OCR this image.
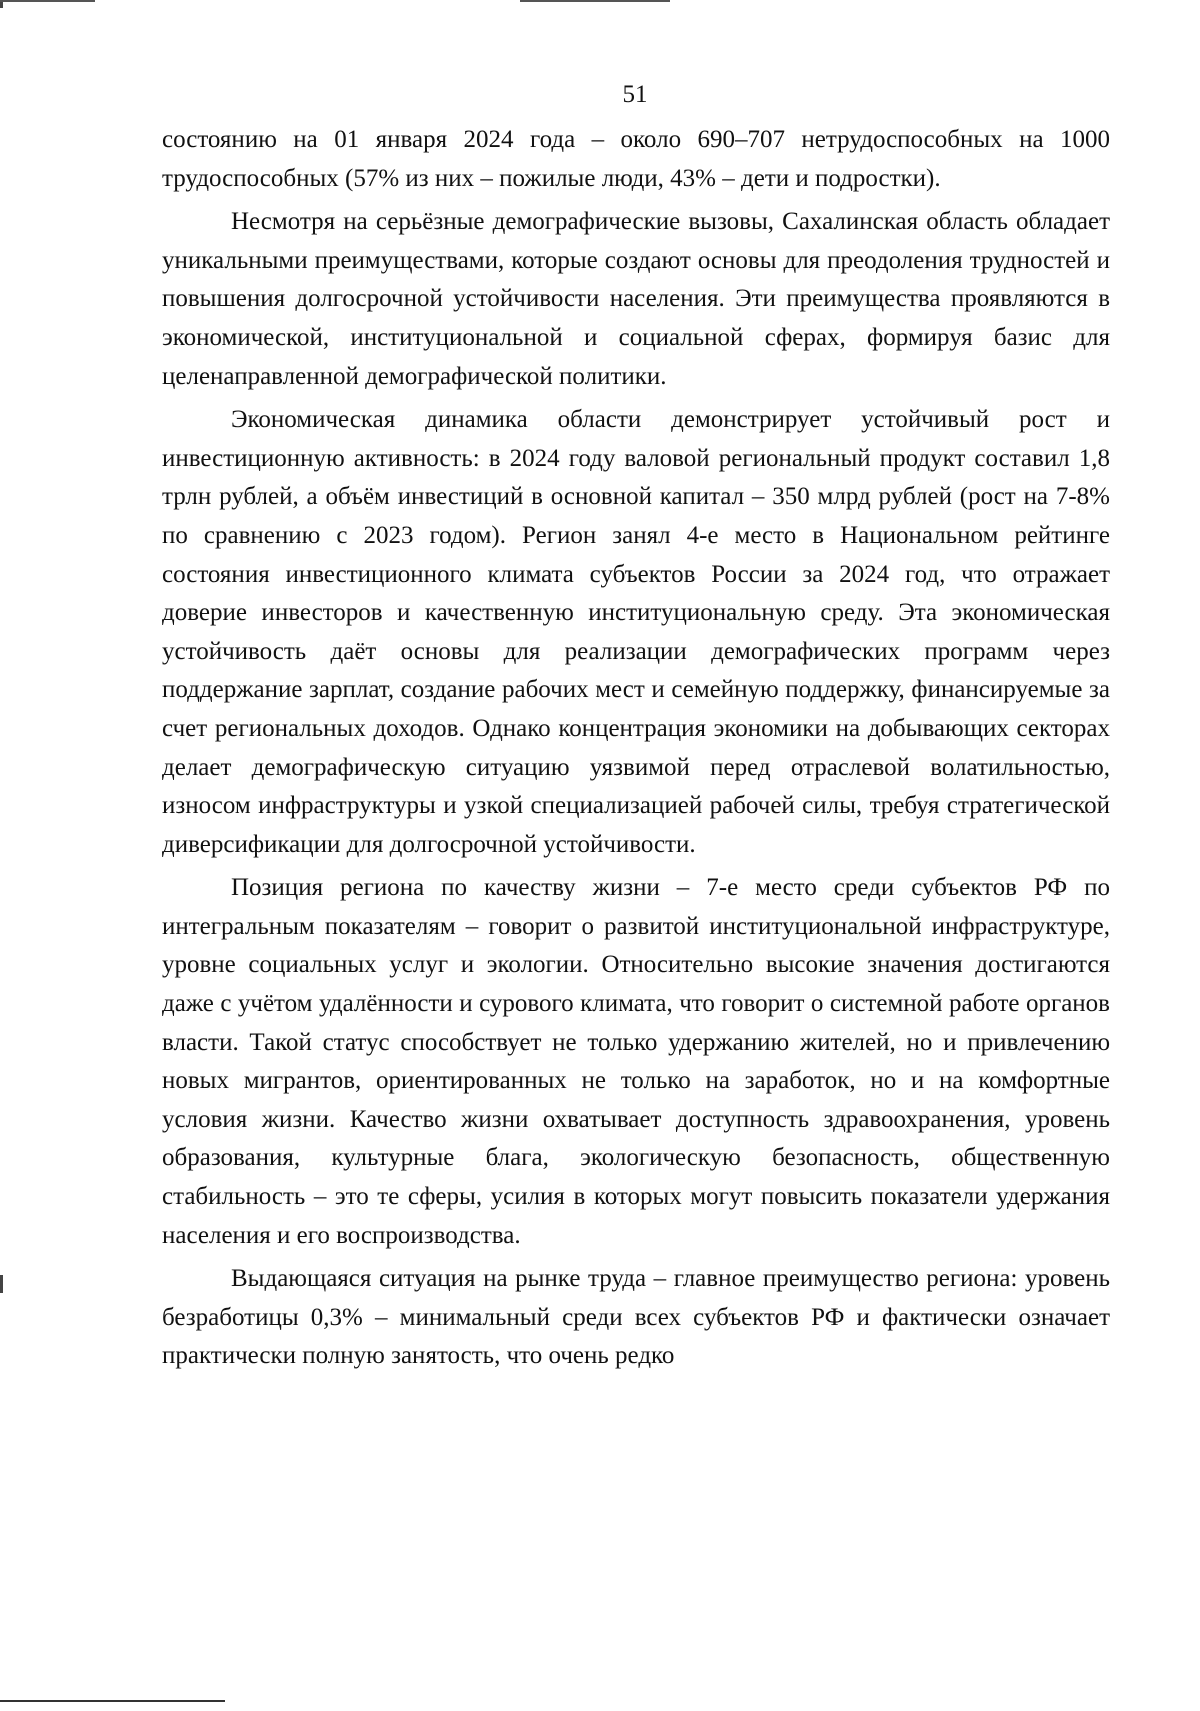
51

состоянию на 01 января 2024 года – около 690–707 нетрудоспособных на 1000 трудоспособных (57% из них – пожилые люди, 43% – дети и подростки).

Несмотря на серьёзные демографические вызовы, Сахалинская область обладает уникальными преимуществами, которые создают основы для преодоления трудностей и повышения долгосрочной устойчивости населения. Эти преимущества проявляются в экономической, институциональной и социальной сферах, формируя базис для целенаправленной демографической политики.

Экономическая динамика области демонстрирует устойчивый рост и инвестиционную активность: в 2024 году валовой региональный продукт составил 1,8 трлн рублей, а объём инвестиций в основной капитал – 350 млрд рублей (рост на 7-8% по сравнению с 2023 годом). Регион занял 4-е место в Национальном рейтинге состояния инвестиционного климата субъектов России за 2024 год, что отражает доверие инвесторов и качественную институциональную среду. Эта экономическая устойчивость даёт основы для реализации демографических программ через поддержание зарплат, создание рабочих мест и семейную поддержку, финансируемые за счет региональных доходов. Однако концентрация экономики на добывающих секторах делает демографическую ситуацию уязвимой перед отраслевой волатильностью, износом инфраструктуры и узкой специализацией рабочей силы, требуя стратегической диверсификации для долгосрочной устойчивости.

Позиция региона по качеству жизни – 7-е место среди субъектов РФ по интегральным показателям – говорит о развитой институциональной инфраструктуре, уровне социальных услуг и экологии. Относительно высокие значения достигаются даже с учётом удалённости и сурового климата, что говорит о системной работе органов власти. Такой статус способствует не только удержанию жителей, но и привлечению новых мигрантов, ориентированных не только на заработок, но и на комфортные условия жизни. Качество жизни охватывает доступность здравоохранения, уровень образования, культурные блага, экологическую безопасность, общественную стабильность – это те сферы, усилия в которых могут повысить показатели удержания населения и его воспроизводства.

Выдающаяся ситуация на рынке труда – главное преимущество региона: уровень безработицы 0,3% – минимальный среди всех субъектов РФ и фактически означает практически полную занятость, что очень редко
